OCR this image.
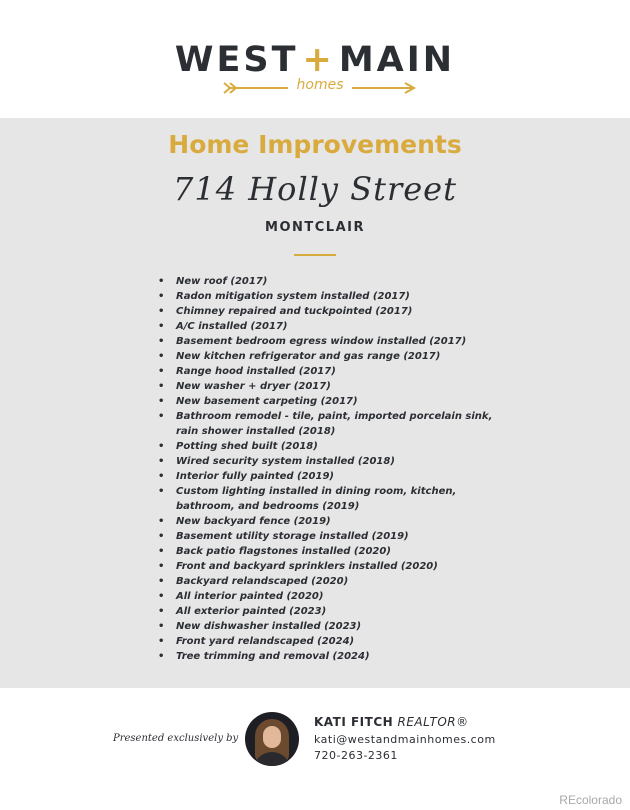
WEST + MAIN
homes
Home Improvements
714 Holly Street
MONTCLAIR
• New roof (2017)
• Radon mitigation system installed (2017)
• Chimney repaired and tuckpointed (2017)
• A/C installed (2017)
• Basement bedroom egress window installed (2017)
• New kitchen refrigerator and gas range (2017)
• Range hood installed (2017)
• New washer + dryer (2017)
• New basement carpeting (2017)
• Bathroom remodel - tile, paint, imported porcelain sink, rain shower installed (2018)
• Potting shed built (2018)
• Wired security system installed (2018)
• Interior fully painted (2019)
• Custom lighting installed in dining room, kitchen, bathroom, and bedrooms (2019)
• New backyard fence (2019)
• Basement utility storage installed (2019)
• Back patio flagstones installed (2020)
• Front and backyard sprinklers installed (2020)
• Backyard relandscaped (2020)
• All interior painted (2020)
• All exterior painted (2023)
• New dishwasher installed (2023)
• Front yard relandscaped (2024)
• Tree trimming and removal (2024)
Presented exclusively by
KATI FITCH REALTOR®
kati@westandmainhomes.com
720-263-2361
REcolorado
